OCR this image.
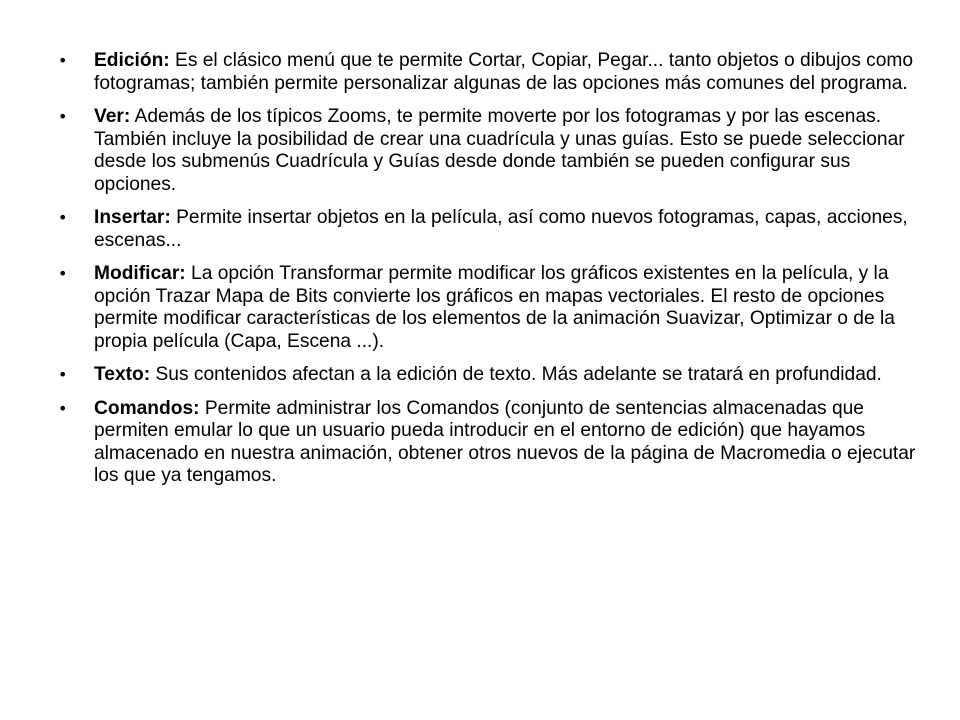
•	Edición: Es el clásico menú que te permite Cortar, Copiar, Pegar... tanto objetos o dibujos como fotogramas; también permite personalizar algunas de las opciones más comunes del programa.
•	Ver: Además de los típicos Zooms, te permite moverte por los fotogramas y por las escenas. También incluye la posibilidad de crear una cuadrícula y unas guías. Esto se puede seleccionar desde los submenús Cuadrícula y Guías desde donde también se pueden configurar sus opciones.
•	Insertar: Permite insertar objetos en la película, así como nuevos fotogramas, capas, acciones, escenas...
•	Modificar: La opción Transformar permite modificar los gráficos existentes en la película, y la opción Trazar Mapa de Bits convierte los gráficos en mapas vectoriales. El resto de opciones permite modificar características de los elementos de la animación Suavizar, Optimizar o de la propia película (Capa, Escena ...).
•	Texto: Sus contenidos afectan a la edición de texto. Más adelante se tratará en profundidad.
•	Comandos: Permite administrar los Comandos (conjunto de sentencias almacenadas que permiten emular lo que un usuario pueda introducir en el entorno de edición) que hayamos almacenado en nuestra animación, obtener otros nuevos de la página de Macromedia o ejecutar los que ya tengamos.
